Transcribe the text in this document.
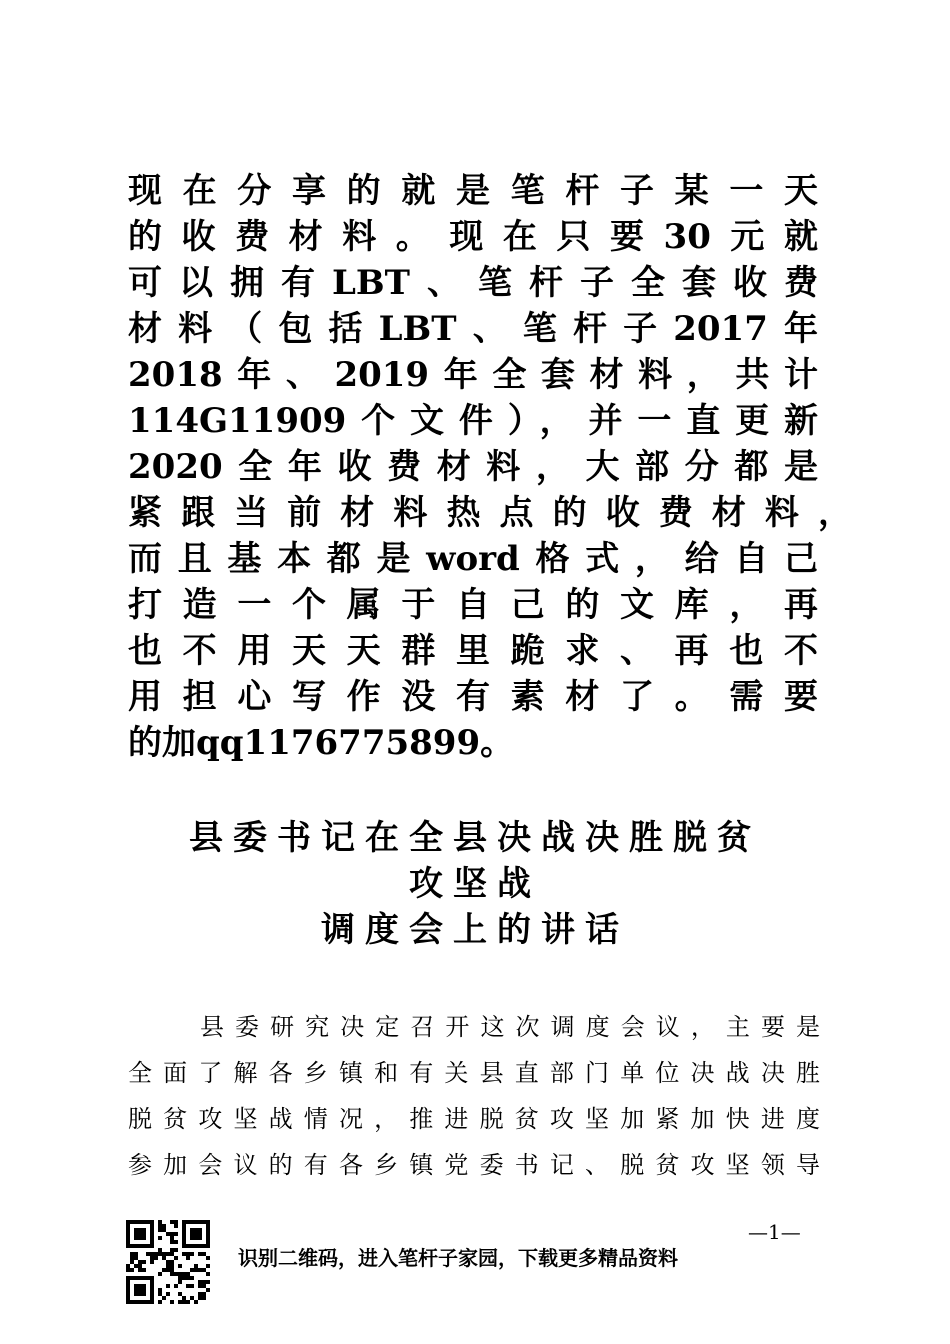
现在分享的就是笔杆子某一天
的收费材料。现在只要30元就
可以拥有LBT、笔杆子全套收费
材料（包括LBT、笔杆子2017年
2018年、2019年全套材料，共计
114G11909个文件），并一直更新
2020全年收费材料，大部分都是
紧跟当前材料热点的收费材料，
而且基本都是word格式，给自己
打造一个属于自己的文库，再
也不用天天群里跪求、再也不
用担心写作没有素材了。需要
的加qq1176775899。
县委书记在全县决战决胜脱贫
攻坚战
调度会上的讲话
县委研究决定召开这次调度会议，主要是
全面了解各乡镇和有关县直部门单位决战决胜
脱贫攻坚战情况，推进脱贫攻坚加紧加快进度
参加会议的有各乡镇党委书记、脱贫攻坚领导
识别二维码，进入笔杆子家园，下载更多精品资料
—1—
